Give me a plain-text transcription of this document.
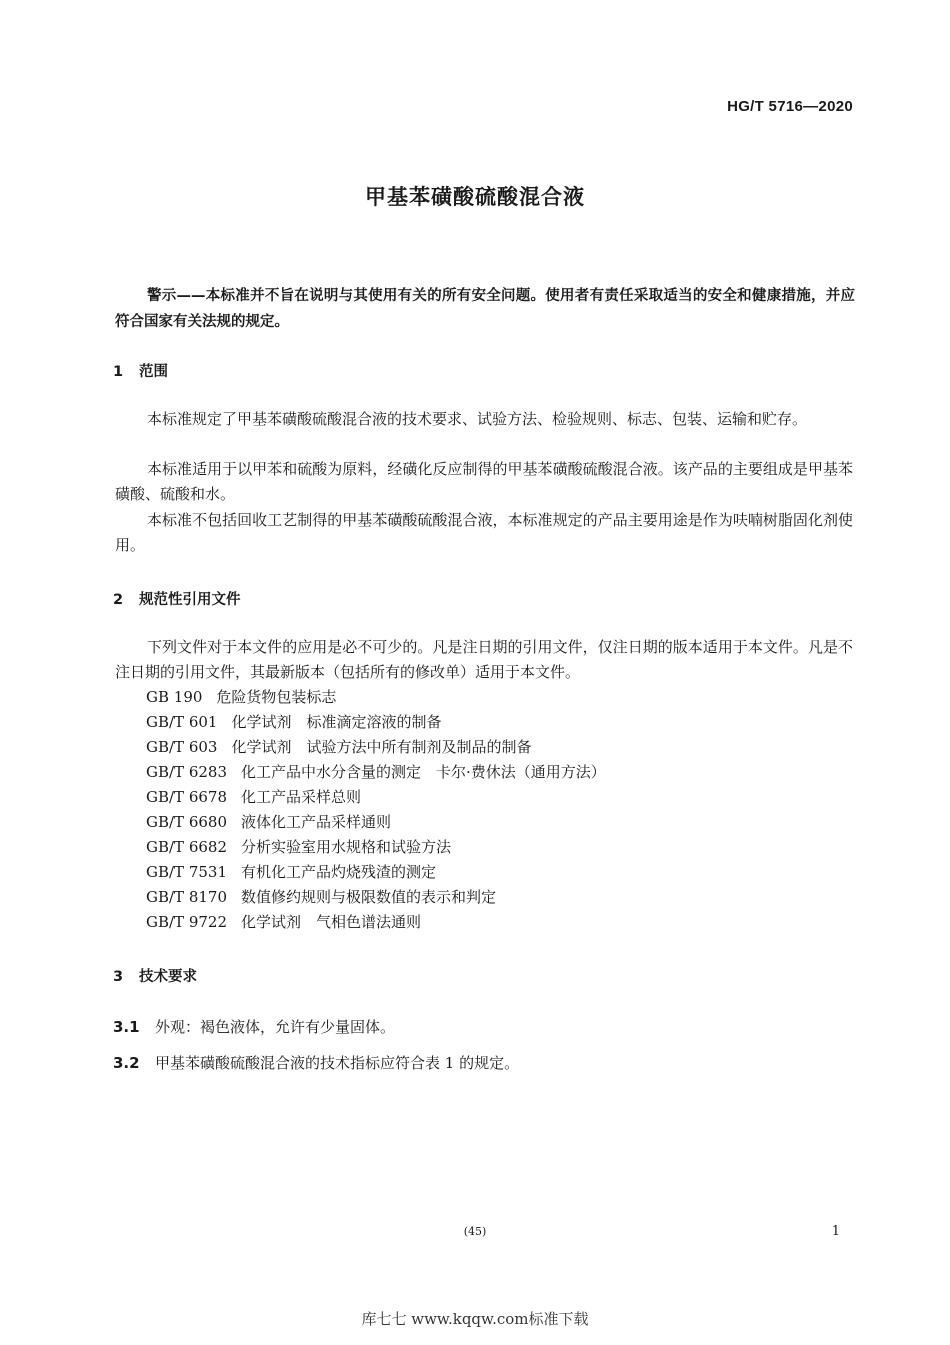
HG/T 5716—2020
甲基苯磺酸硫酸混合液

警示——本标准并不旨在说明与其使用有关的所有安全问题。使用者有责任采取适当的安全和健康措施，并应符合国家有关法规的规定。

1 范围

本标准规定了甲基苯磺酸硫酸混合液的技术要求、试验方法、检验规则、标志、包装、运输和贮存。

本标准适用于以甲苯和硫酸为原料，经磺化反应制得的甲基苯磺酸硫酸混合液。该产品的主要组成是甲基苯磺酸、硫酸和水。

本标准不包括回收工艺制得的甲基苯磺酸硫酸混合液，本标准规定的产品主要用途是作为呋喃树脂固化剂使用。

2 规范性引用文件

下列文件对于本文件的应用是必不可少的。凡是注日期的引用文件，仅注日期的版本适用于本文件。凡是不注日期的引用文件，其最新版本（包括所有的修改单）适用于本文件。

GB 190 危险货物包装标志
GB/T 601 化学试剂　标准滴定溶液的制备
GB/T 603 化学试剂　试验方法中所有制剂及制品的制备
GB/T 6283 化工产品中水分含量的测定　卡尔·费休法（通用方法）
GB/T 6678 化工产品采样总则
GB/T 6680 液体化工产品采样通则
GB/T 6682 分析实验室用水规格和试验方法
GB/T 7531 有机化工产品灼烧残渣的测定
GB/T 8170 数值修约规则与极限数值的表示和判定
GB/T 9722 化学试剂　气相色谱法通则
3 技术要求
3.1 外观：褐色液体，允许有少量固体。
3.2 甲基苯磺酸硫酸混合液的技术指标应符合表 1 的规定。
(45)	1
库七七 www.kqqw.com标准下载
